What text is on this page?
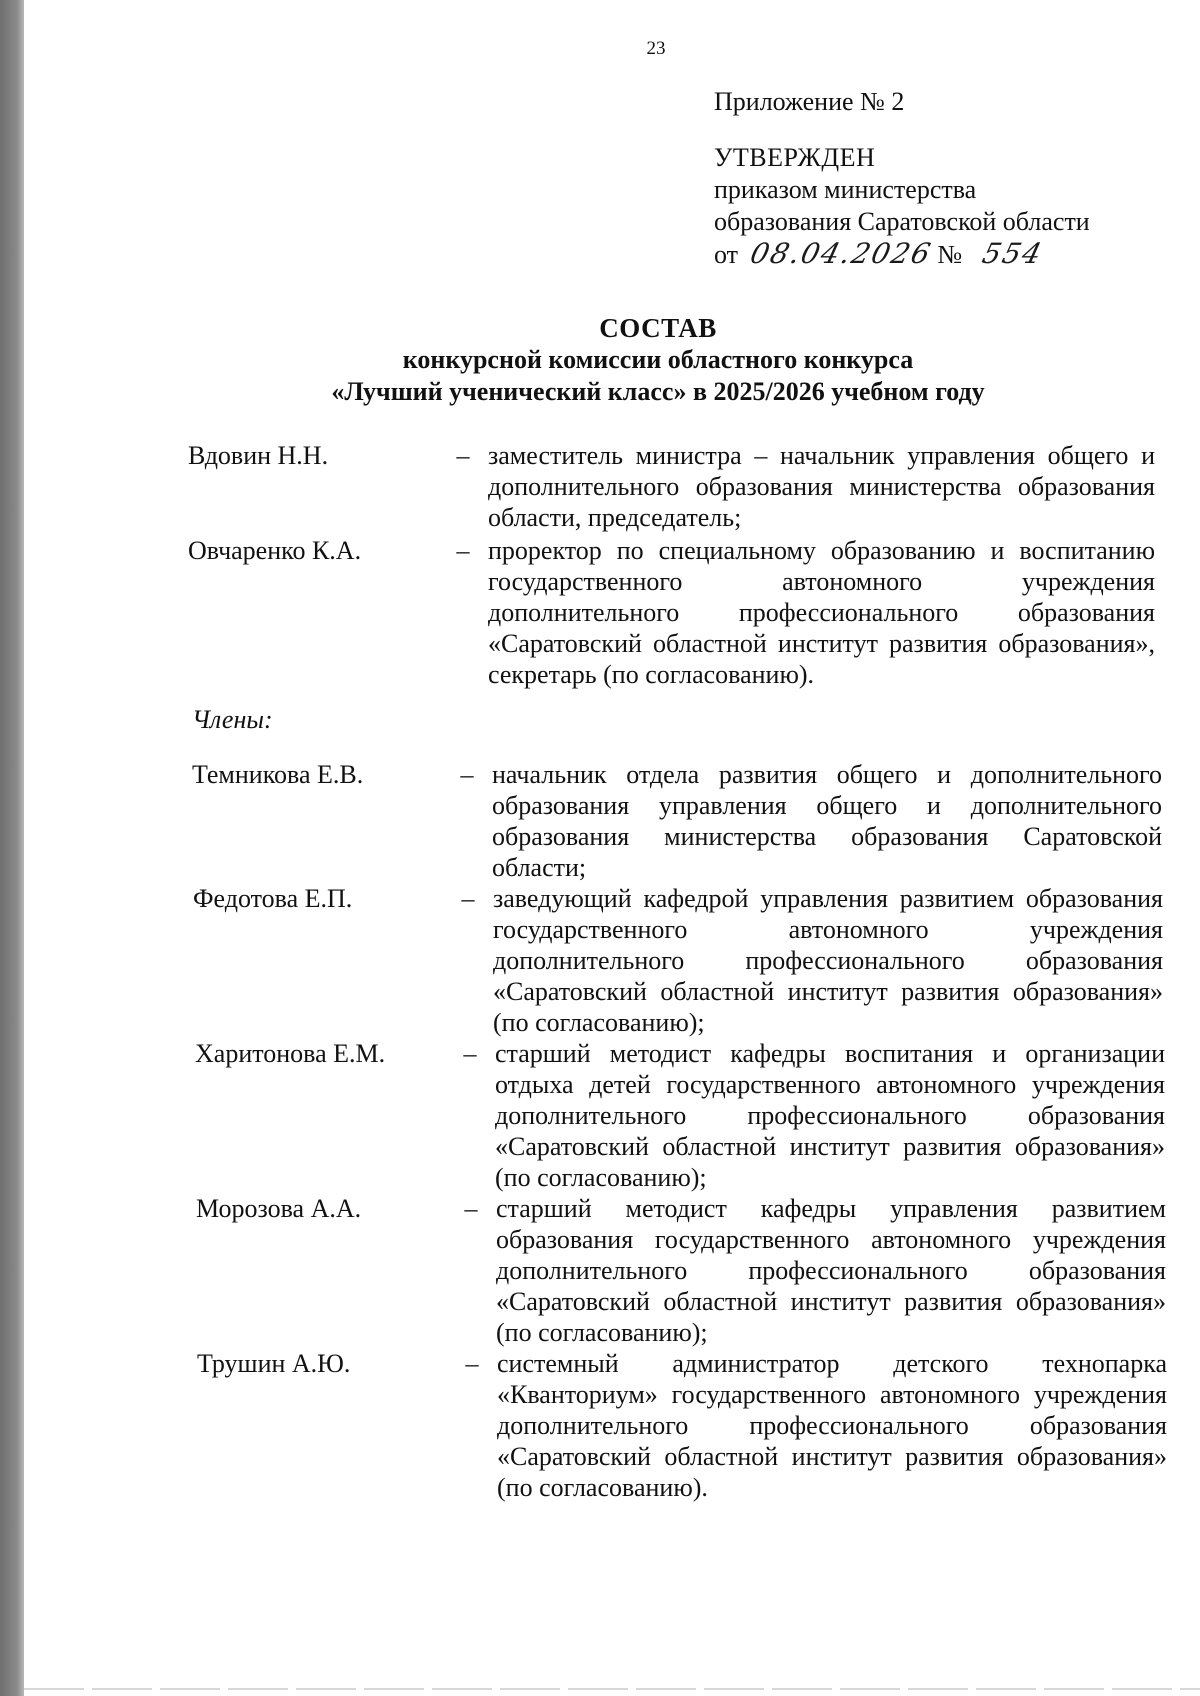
23
Приложение № 2
УТВЕРЖДЕН
приказом министерства
образования Саратовской области
от 08.04.2026 № 554
СОСТАВ
конкурсной комиссии областного конкурса
«Лучший ученический класс» в 2025/2026 учебном году
Вдовин Н.Н.	– заместитель министра – начальник управления общего и дополнительного образования министерства образования области, председатель;
Овчаренко К.А.	– проректор по специальному образованию и воспитанию государственного автономного учреждения дополнительного профессионального образования «Саратовский областной институт развития образования», секретарь (по согласованию).
Члены:
Темникова Е.В.	– начальник отдела развития общего и дополнительного образования управления общего и дополнительного образования министерства образования Саратовской области;
Федотова Е.П.	– заведующий кафедрой управления развитием образования государственного автономного учреждения дополнительного профессионального образования «Саратовский областной институт развития образования» (по согласованию);
Харитонова Е.М.	– старший методист кафедры воспитания и организации отдыха детей государственного автономного учреждения дополнительного профессионального образования «Саратовский областной институт развития образования» (по согласованию);
Морозова А.А.	– старший методист кафедры управления развитием образования государственного автономного учреждения дополнительного профессионального образования «Саратовский областной институт развития образования» (по согласованию);
Трушин А.Ю.	– системный администратор детского технопарка «Кванториум» государственного автономного учреждения дополнительного профессионального образования «Саратовский областной институт развития образования» (по согласованию).
